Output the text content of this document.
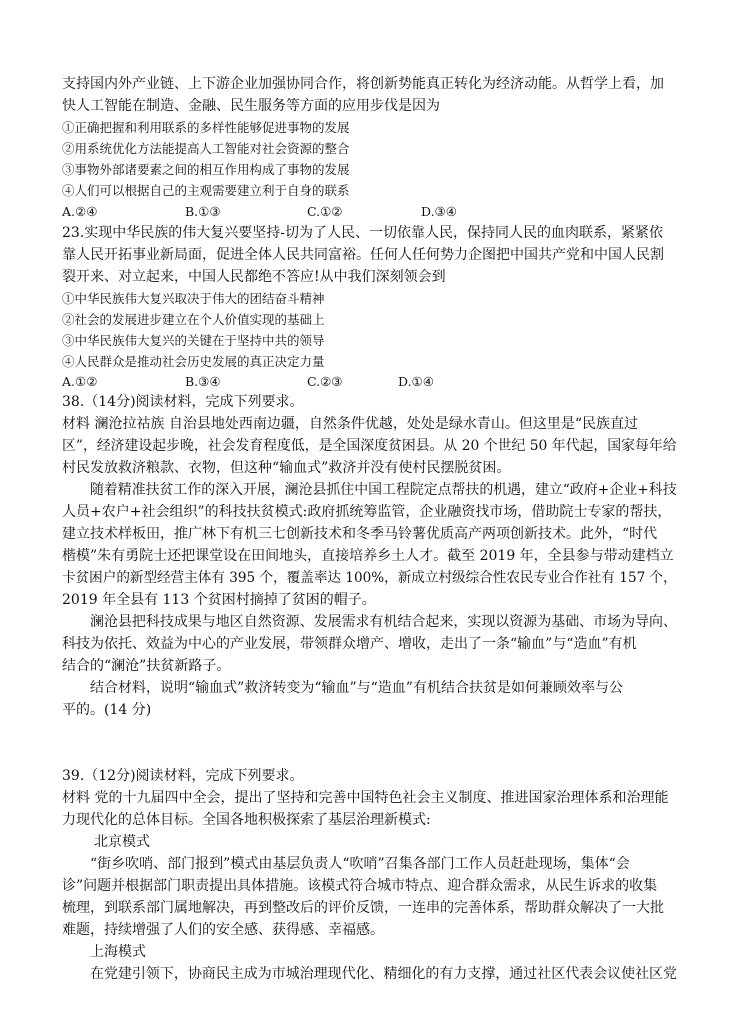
支持国内外产业链、上下游企业加强协同合作，将创新势能真正转化为经济动能。从哲学上看，加
快人工智能在制造、金融、民生服务等方面的应用步伐是因为
①正确把握和利用联系的多样性能够促进事物的发展
②用系统优化方法能提高人工智能对社会资源的整合
③事物外部诸要素之间的相互作用构成了事物的发展
④人们可以根据自己的主观需要建立利于自身的联系
A.②④	B.①③	C.①②	D.③④
23.实现中华民族的伟大复兴要坚持-切为了人民、一切依靠人民，保持同人民的血肉联系，紧紧依
靠人民开拓事业新局面，促进全体人民共同富裕。任何人任何势力企图把中国共产党和中国人民割
裂开来、对立起来，中国人民都绝不答应!从中我们深刻领会到
①中华民族伟大复兴取决于伟大的团结奋斗精神
②社会的发展进步建立在个人价值实现的基础上
③中华民族伟大复兴的关键在于坚持中共的领导
④人民群众是推动社会历史发展的真正决定力量
A.①②	B.③④	C.②③	D.①④
38.（14分)阅读材料，完成下列要求。
材料 澜沧拉祜族 自治县地处西南边疆，自然条件优越，处处是绿水青山。但这里是“民族直过
区”，经济建设起步晚，社会发育程度低，是全国深度贫困县。从 20 个世纪 50 年代起，国家每年给
村民发放救济粮款、衣物，但这种“输血式”救济并没有使村民摆脱贫困。
随着精准扶贫工作的深入开展，澜沧县抓住中国工程院定点帮扶的机遇，建立“政府+企业+科技
人员+农户+社会组织”的科技扶贫模式:政府抓统筹监管，企业融资找市场，借助院士专家的帮扶，
建立技术样板田，推广林下有机三七创新技术和冬季马铃薯优质高产两项创新技术。此外，“时代
楷模”朱有勇院士还把课堂设在田间地头，直接培养乡土人才。截至 2019 年，全县参与带动建档立
卡贫困户的新型经营主体有 395 个，覆盖率达 100%，新成立村级综合性农民专业合作社有 157 个，
2019 年全县有 113 个贫困村摘掉了贫困的帽子。
澜沧县把科技成果与地区自然资源、发展需求有机结合起来，实现以资源为基础、市场为导向、
科技为依托、效益为中心的产业发展，带领群众增产、增收，走出了一条“输血”与“造血”有机
结合的“澜沧”扶贫新路子。
结合材料，说明“输血式”救济转变为“输血”与“造血”有机结合扶贫是如何兼顾效率与公
平的。(14 分)
39.（12分)阅读材料，完成下列要求。
材料 党的十九届四中全会，提出了坚持和完善中国特色社会主义制度、推进国家治理体系和治理能
力现代化的总体目标。全国各地积极探索了基层治理新模式:
北京模式
“街乡吹哨、部门报到”模式由基层负责人“吹哨”召集各部门工作人员赶赴现场，集体“会
诊”问题并根据部门职责提出具体措施。该模式符合城市特点、迎合群众需求，从民生诉求的收集
梳理，到联系部门属地解决，再到整改后的评价反馈，一连串的完善体系，帮助群众解决了一大批
难题，持续增强了人们的安全感、获得感、幸福感。
上海模式
在党建引领下，协商民主成为市城治理现代化、精细化的有力支撑，通过社区代表会议使社区党
